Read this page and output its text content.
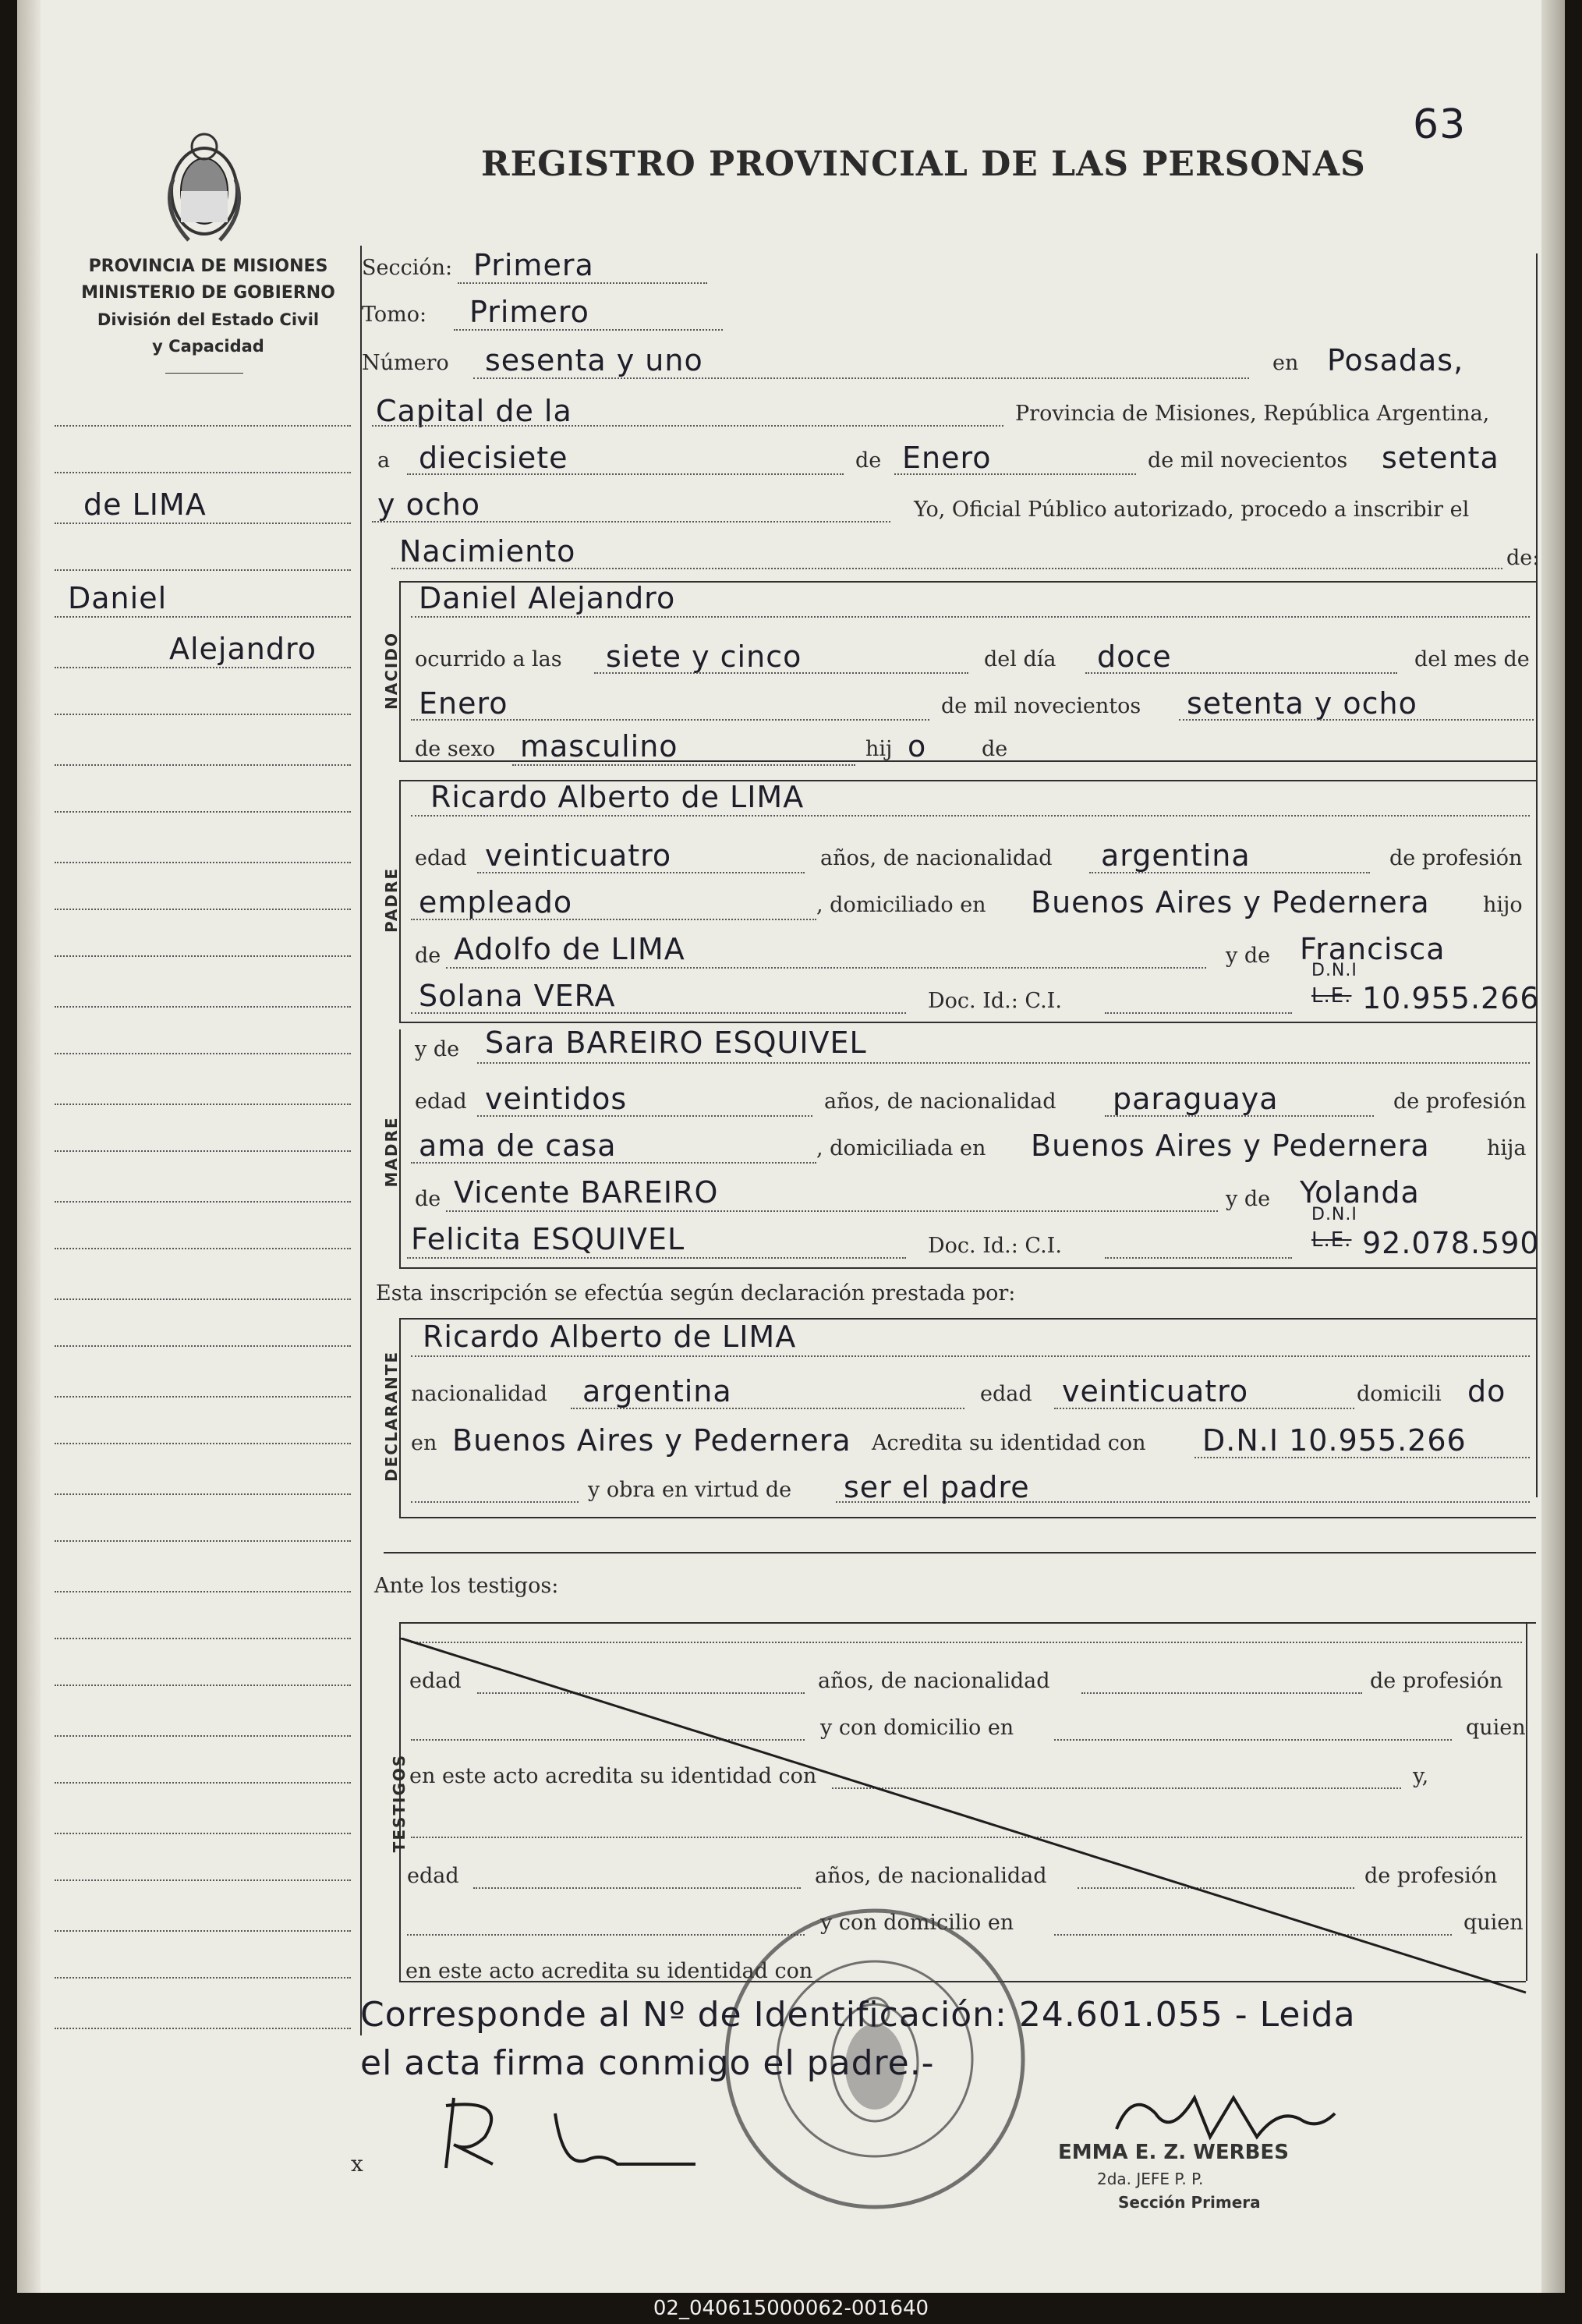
63
REGISTRO PROVINCIAL DE LAS PERSONAS
PROVINCIA DE MISIONES
MINISTERIO DE GOBIERNO
División del Estado Civil
y Capacidad
de LIMA
Daniel
Alejandro
Sección: Primera
Tomo: Primero
Número sesenta y uno	en Posadas,
Capital de la	Provincia de Misiones, República Argentina,
a diecisiete	de Enero	de mil novecientos setenta
y ocho	Yo, Oficial Público autorizado, procedo a inscribir el
Nacimiento	de:
NACIDO
Daniel Alejandro
ocurrido a las siete y cinco	del día doce	del mes de
Enero	de mil novecientos setenta y ocho
de sexo masculino	hij o	de
PADRE
Ricardo Alberto de LIMA
edad veinticuatro	años, de nacionalidad argentina	de profesión
empleado	, domiciliado en Buenos Aires y Pedernera	hijo
de Adolfo de LIMA	y de Francisca
Solana VERA	Doc. Id.: C.I.
D.N.I
L.E. 10.955.266
MADRE
y de Sara BAREIRO ESQUIVEL
edad veintidos	años, de nacionalidad paraguaya	de profesión
ama de casa	, domiciliada en Buenos Aires y Pedernera	hija
de Vicente BAREIRO	y de Yolanda
Felicita ESQUIVEL	Doc. Id.: C.I.
D.N.I
L.E. 92.078.590
Esta inscripción se efectúa según declaración prestada por:
DECLARANTE
Ricardo Alberto de LIMA
nacionalidad argentina	edad veinticuatro	domicili do
en Buenos Aires y Pedernera Acredita su identidad con D.N.I 10.955.266
y obra en virtud de ser el padre
Ante los testigos:
TESTIGOS
edad	años, de nacionalidad	de profesión
y con domicilio en	quien
en este acto acredita su identidad con	y,
edad	años, de nacionalidad	de profesión
y con domicilio en	quien
en este acto acredita su identidad con
Corresponde al Nº de Identificación: 24.601.055 - Leida
el acta firma conmigo el padre.-
x	EMMA E. Z. WERBES
2da. JEFE P. P.
Sección Primera
02_040615000062-001640
